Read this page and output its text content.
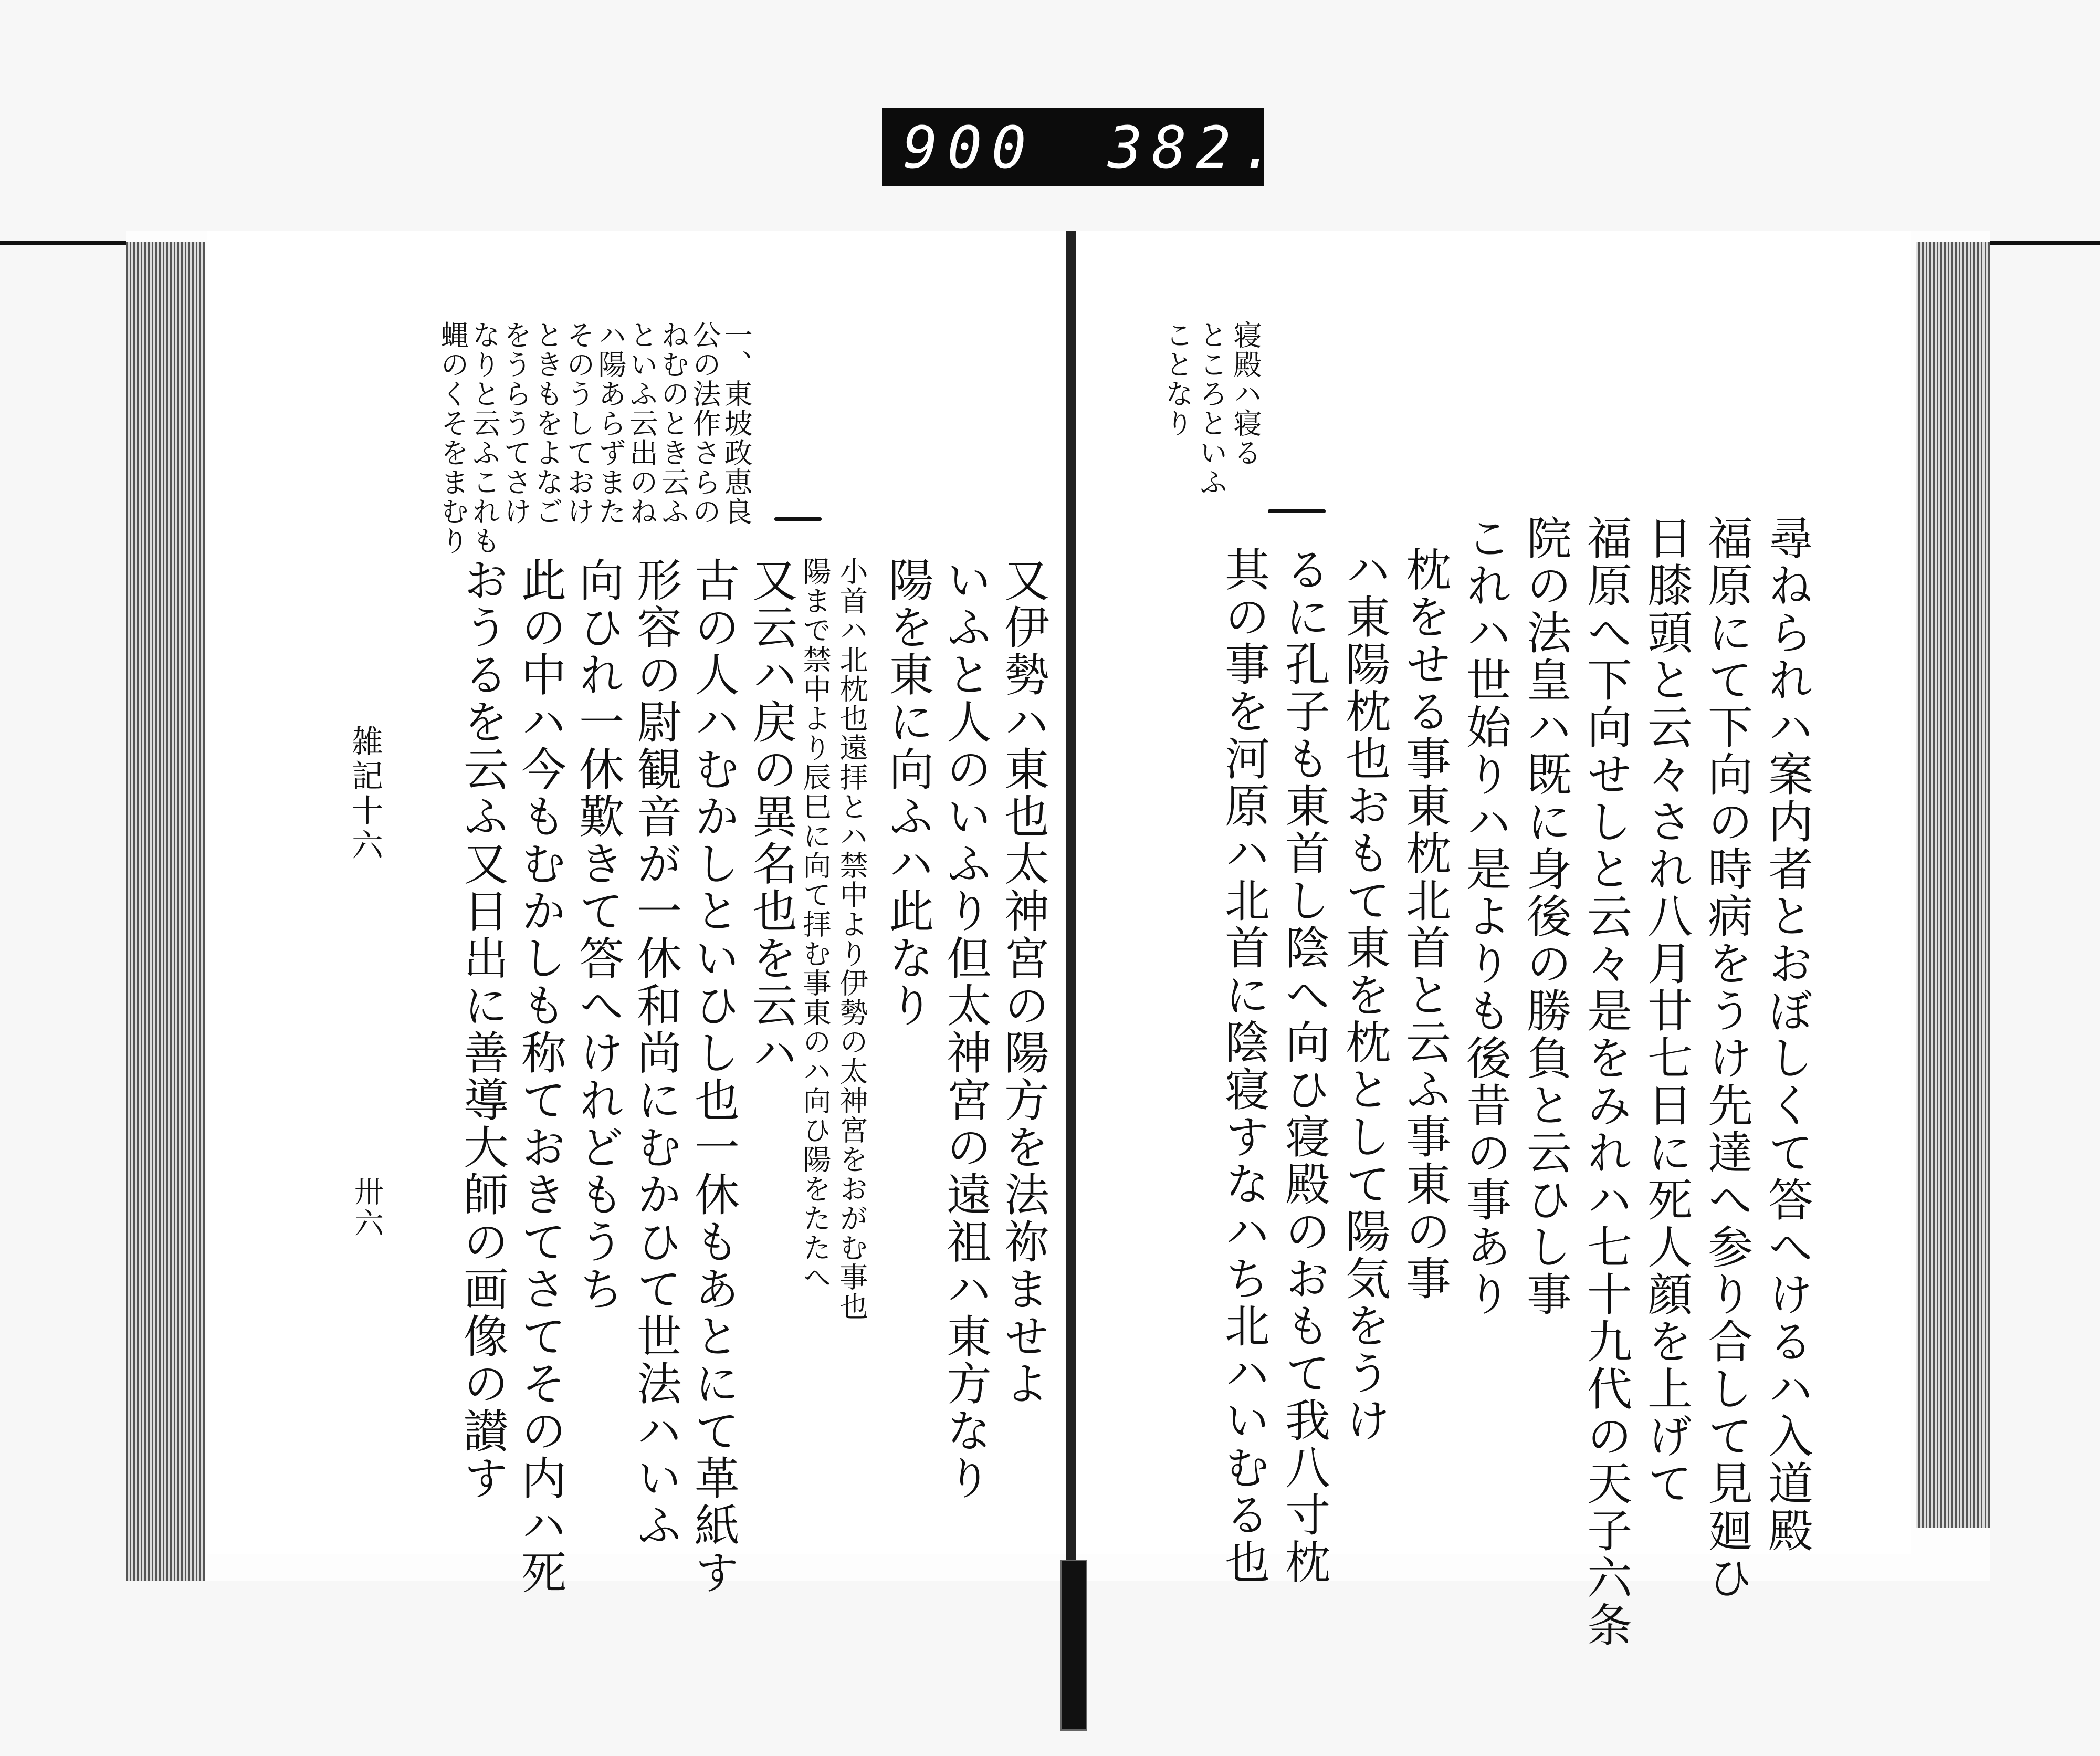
900 382.
一、東坡政恵良
公の法作さらの
ねむのとき云ふ
といふ云出のね
ハ陽あらずまた
そのうしておけ
ときもをよなご
をうらうてさけ
なりと云ふこれも
蝿のくそをまむり
又伊勢ハ東也太神宮の陽方を法祢ませよ
いふと人のいふり但太神宮の遠祖ハ東方なり
陽を東に向ふハ此なり
小首ハ北枕也遠拝とハ禁中より伊勢の太神宮をおがむ事也
陽まで禁中より辰巳に向て拝む事東のハ向ひ陽をたたへ
又云ハ戻の異名也を云ハ
古の人ハむかしといひし也一休もあとにて革紙す
形容の尉観音が一休和尚にむかひて世法ハいふ
向ひれ一休歎きて答へけれどもうち
此の中ハ今もむかしも称ておきてさてその内ハ死
おうるを云ふ又日出に善導大師の画像の讃す
雑記十六
卅六
寝殿ハ寝る
ところといふ
ことなり
尋ねられハ案内者とおぼしくて答へけるハ入道殿
福原にて下向の時病をうけ先達へ参り合して見廻ひ
日膝頭と云々され八月廿七日に死人顔を上げて
福原へ下向せしと云々是をみれハ七十九代の天子六条
院の法皇ハ既に身後の勝負と云ひし事
これハ世始りハ是よりも後昔の事あり
枕をせる事東枕北首と云ふ事東の事
ハ東陽枕也おもて東を枕として陽気をうけ
るに孔子も東首し陰へ向ひ寝殿のおもて我八寸枕
其の事を河原ハ北首に陰寝すなハち北ハいむる也
